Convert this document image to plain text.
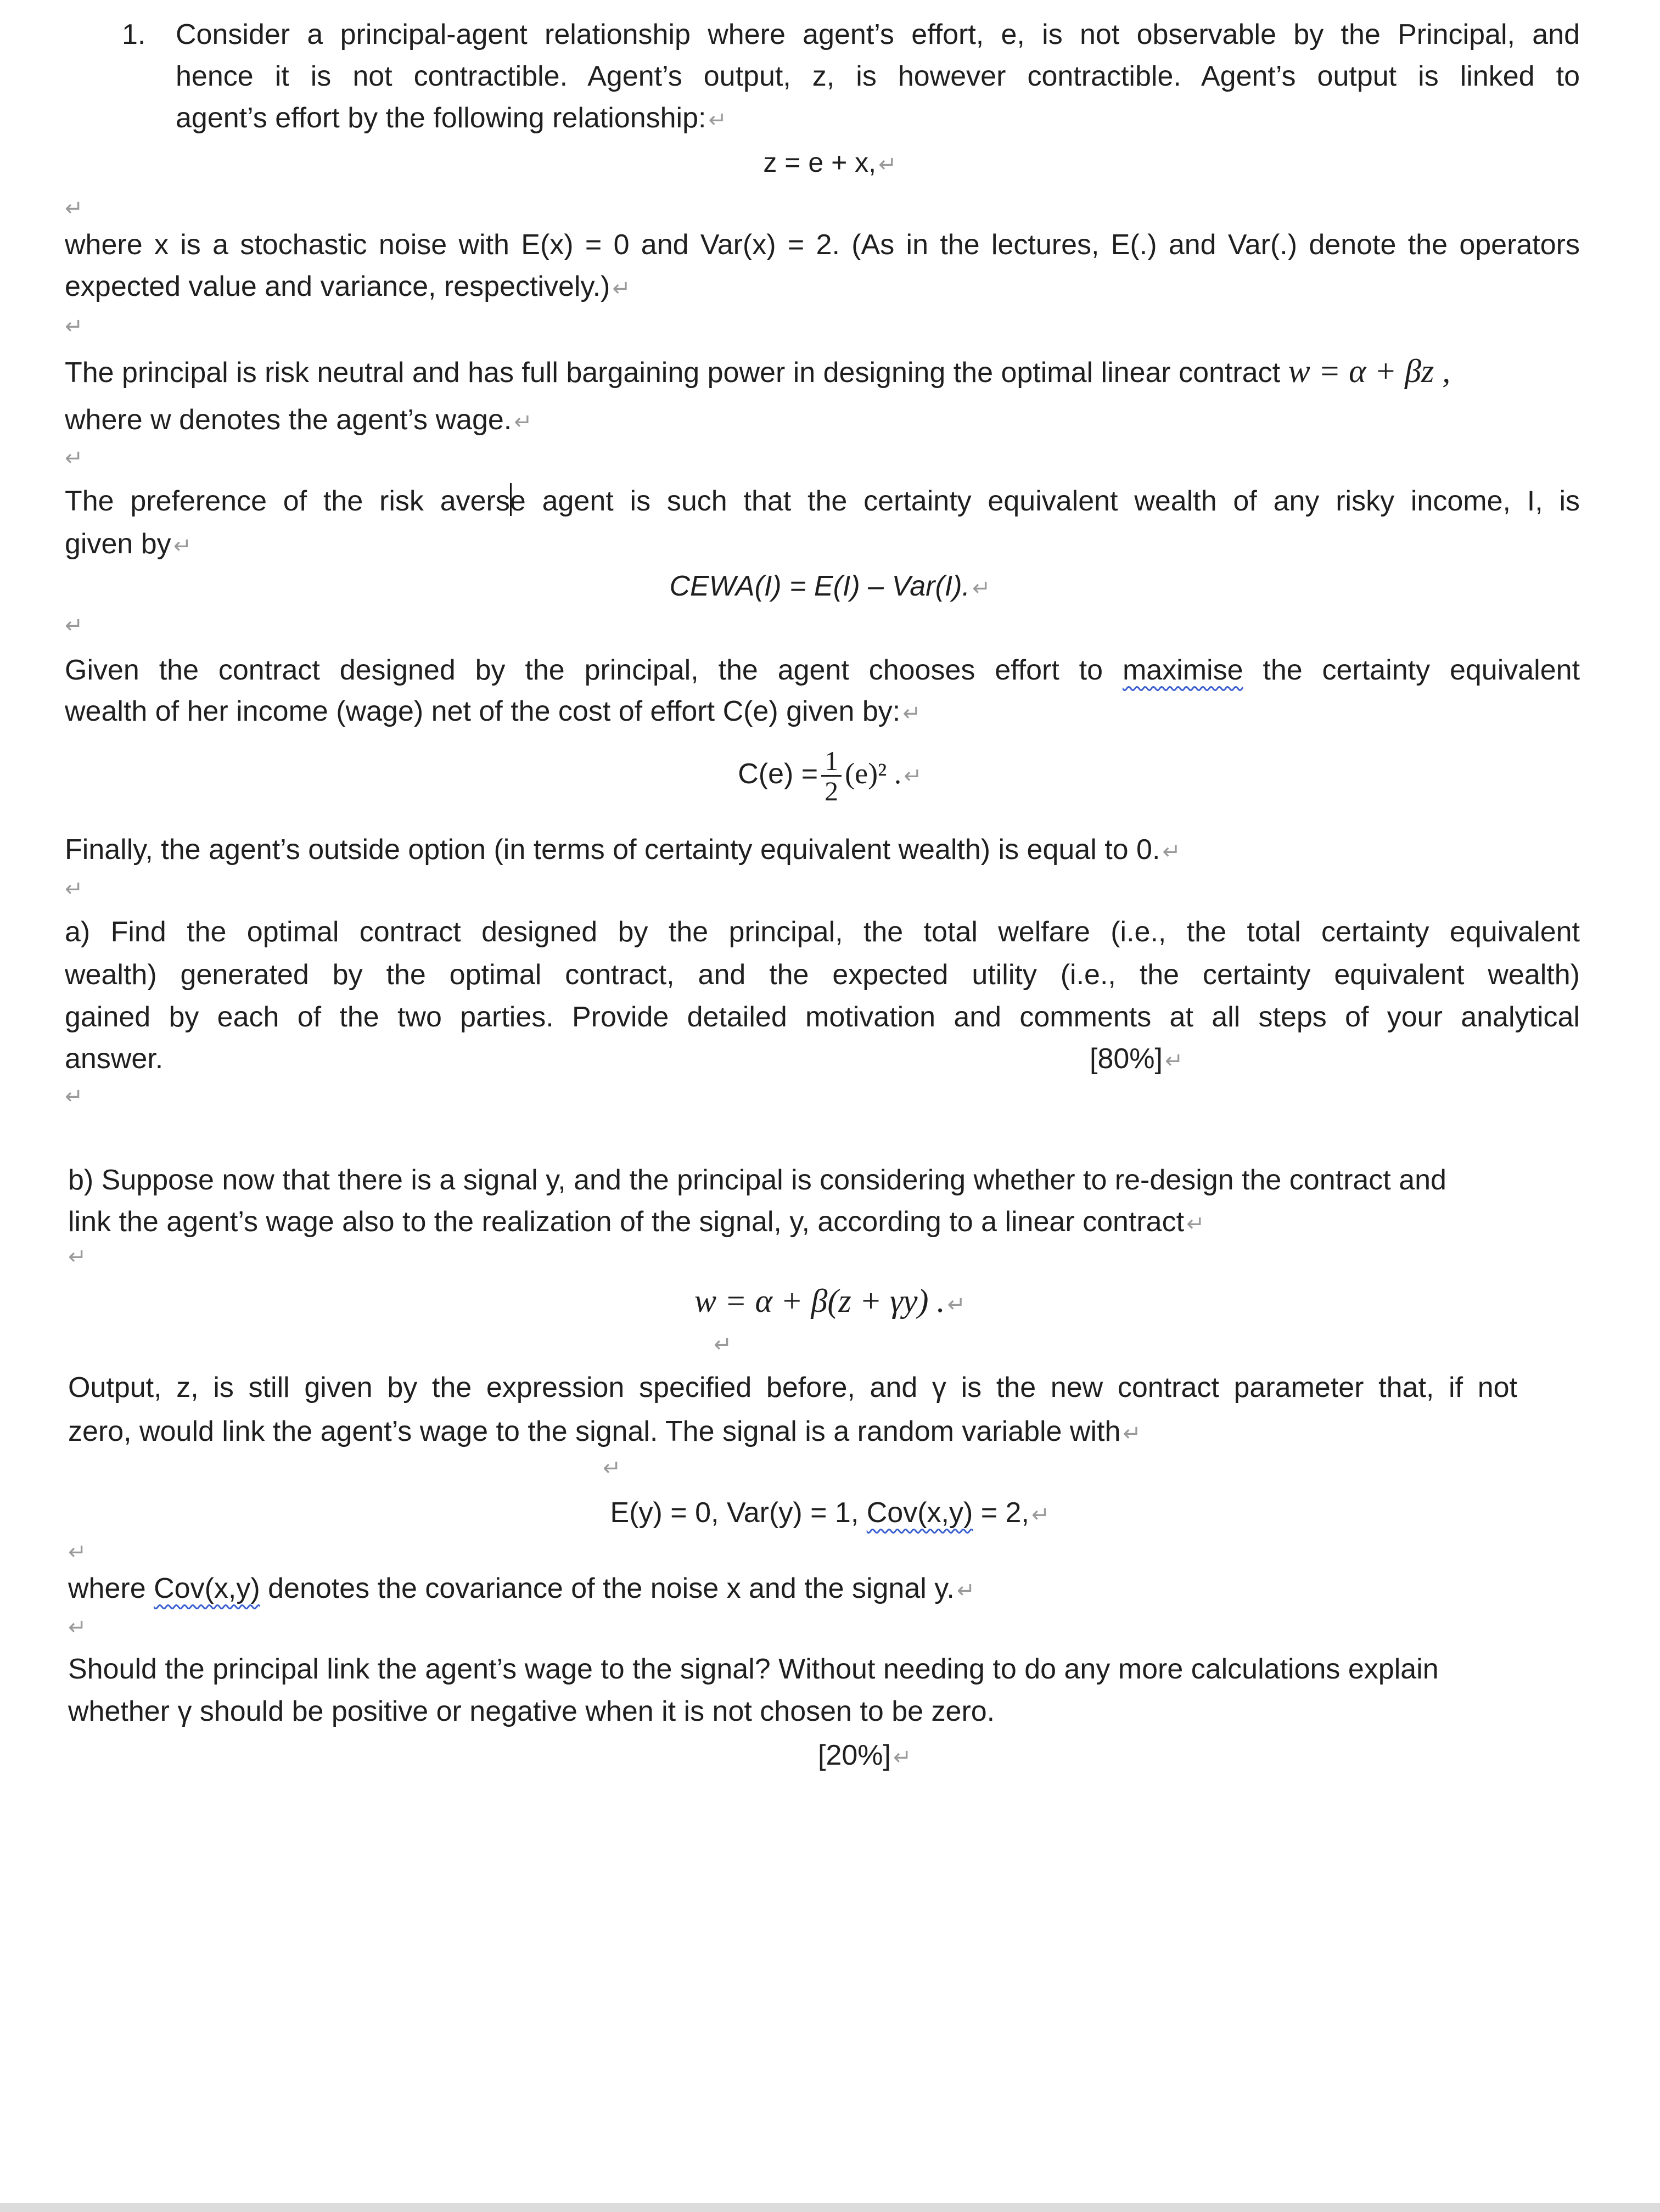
1. Consider a principal-agent relationship where agent’s effort, e, is not observable by the Principal, and
hence it is not contractible. Agent’s output, z, is however contractible. Agent’s output is linked to
agent’s effort by the following relationship: ↵
z = e + x, ↵
↵
where x is a stochastic noise with E(x) = 0 and Var(x) = 2. (As in the lectures, E(.) and Var(.) denote the operators
expected value and variance, respectively.) ↵
↵
The principal is risk neutral and has full bargaining power in designing the optimal linear contract w = α + βz ,
where w denotes the agent’s wage. ↵
↵
The preference of the risk averse agent is such that the certainty equivalent wealth of any risky income, I, is
given by ↵
CEWA(I) = E(I) – Var(I). ↵
↵
Given the contract designed by the principal, the agent chooses effort to maximise the certainty equivalent
wealth of her income (wage) net of the cost of effort C(e) given by: ↵
$C(e) = \frac{1}{2} (e)^2$ . ↵
Finally, the agent’s outside option (in terms of certainty equivalent wealth) is equal to 0. ↵
↵
a) Find the optimal contract designed by the principal, the total welfare (i.e., the total certainty equivalent
wealth) generated by the optimal contract, and the expected utility (i.e., the certainty equivalent wealth)
gained by each of the two parties. Provide detailed motivation and comments at all steps of your analytical
answer.	[80%] ↵
↵
b) Suppose now that there is a signal y, and the principal is considering whether to re-design the contract and
link the agent’s wage also to the realization of the signal, y, according to a linear contract ↵
↵
w = α + β(z + γy) . ↵
↵
Output, z, is still given by the expression specified before, and γ is the new contract parameter that, if not
zero, would link the agent’s wage to the signal. The signal is a random variable with ↵
↵
E(y) = 0, Var(y) = 1, Cov(x,y) = 2, ↵
↵
where Cov(x,y) denotes the covariance of the noise x and the signal y. ↵
↵
Should the principal link the agent’s wage to the signal? Without needing to do any more calculations explain
whether γ should be positive or negative when it is not chosen to be zero.
[20%] ↵
